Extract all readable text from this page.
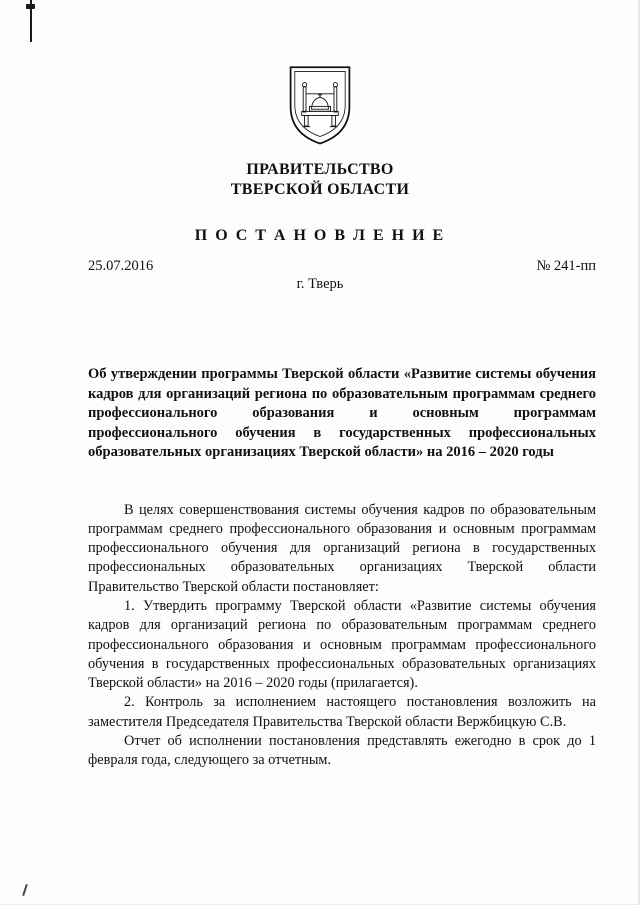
ПРАВИТЕЛЬСТВО
ТВЕРСКОЙ ОБЛАСТИ
П О С Т А Н О В Л Е Н И Е
25.07.2016	№ 241-пп
г. Тверь
Об утверждении программы Тверской области «Развитие системы обучения кадров для организаций региона по образовательным программам среднего профессионального образования и основным программам профессионального обучения в государственных профессиональных образовательных организациях Тверской области» на 2016 – 2020 годы

В целях совершенствования системы обучения кадров по образовательным программам среднего профессионального образования и основным программам профессионального обучения для организаций региона в государственных профессиональных образовательных организациях Тверской области Правительство Тверской области постановляет:

1. Утвердить программу Тверской области «Развитие системы обучения кадров для организаций региона по образовательным программам среднего профессионального образования и основным программам профессионального обучения в государственных профессиональных образовательных организациях Тверской области» на 2016 – 2020 годы (прилагается).

2. Контроль за исполнением настоящего постановления возложить на заместителя Председателя Правительства Тверской области Вержбицкую С.В.

Отчет об исполнении постановления представлять ежегодно в срок до 1 февраля года, следующего за отчетным.
